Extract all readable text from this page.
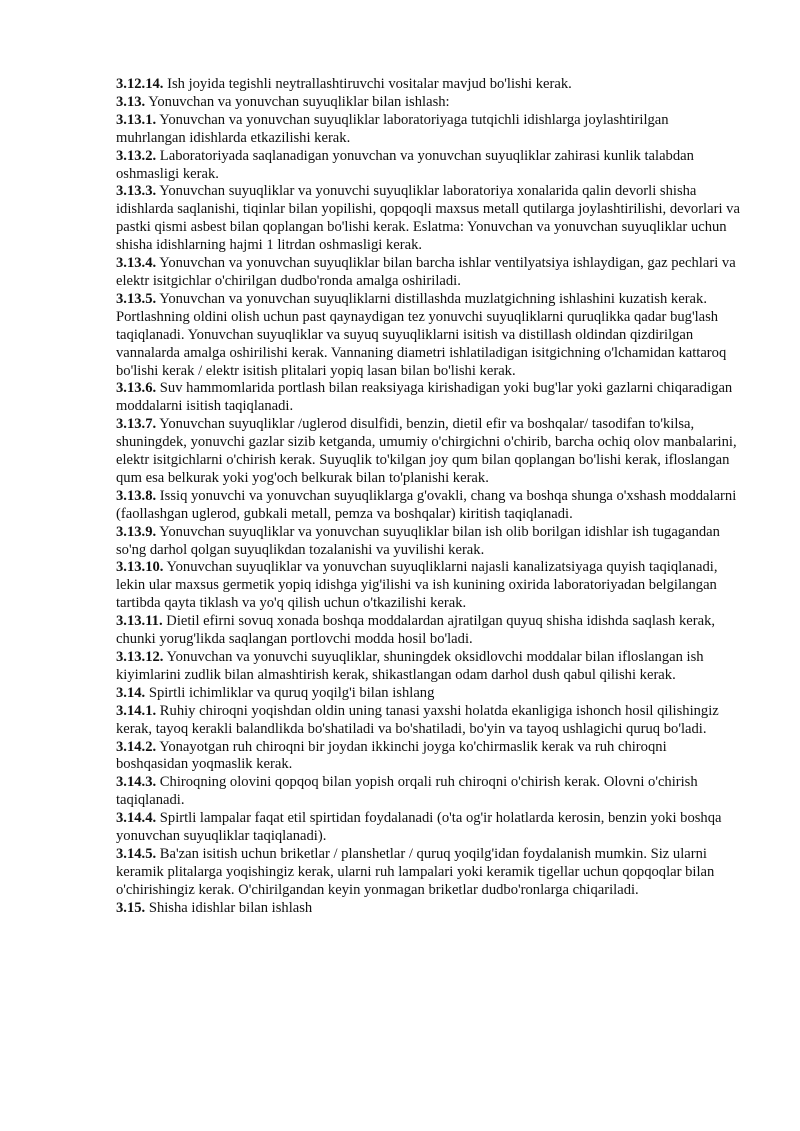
3.12.14. Ish joyida tegishli neytrallashtiruvchi vositalar mavjud bo'lishi kerak.

3.13. Yonuvchan va yonuvchan suyuqliklar bilan ishlash:

3.13.1. Yonuvchan va yonuvchan suyuqliklar laboratoriyaga tutqichli idishlarga joylashtirilgan muhrlangan idishlarda etkazilishi kerak.

3.13.2. Laboratoriyada saqlanadigan yonuvchan va yonuvchan suyuqliklar zahirasi kunlik talabdan oshmasligi kerak.

3.13.3. Yonuvchan suyuqliklar va yonuvchi suyuqliklar laboratoriya xonalarida qalin devorli shisha idishlarda saqlanishi, tiqinlar bilan yopilishi, qopqoqli maxsus metall qutilarga joylashtirilishi, devorlari va pastki qismi asbest bilan qoplangan bo'lishi kerak. Eslatma: Yonuvchan va yonuvchan suyuqliklar uchun shisha idishlarning hajmi 1 litrdan oshmasligi kerak.

3.13.4. Yonuvchan va yonuvchan suyuqliklar bilan barcha ishlar ventilyatsiya ishlaydigan, gaz pechlari va elektr isitgichlar o'chirilgan dudbo'ronda amalga oshiriladi.

3.13.5. Yonuvchan va yonuvchan suyuqliklarni distillashda muzlatgichning ishlashini kuzatish kerak. Portlashning oldini olish uchun past qaynaydigan tez yonuvchi suyuqliklarni quruqlikka qadar bug'lash taqiqlanadi. Yonuvchan suyuqliklar va suyuq suyuqliklarni isitish va distillash oldindan qizdirilgan vannalarda amalga oshirilishi kerak. Vannaning diametri ishlatiladigan isitgichning o'lchamidan kattaroq bo'lishi kerak / elektr isitish plitalari yopiq lasan bilan bo'lishi kerak.

3.13.6. Suv hammomlarida portlash bilan reaksiyaga kirishadigan yoki bug'lar yoki gazlarni chiqaradigan moddalarni isitish taqiqlanadi.

3.13.7. Yonuvchan suyuqliklar /uglerod disulfidi, benzin, dietil efir va boshqalar/ tasodifan to'kilsa, shuningdek, yonuvchi gazlar sizib ketganda, umumiy o'chirgichni o'chirib, barcha ochiq olov manbalarini, elektr isitgichlarni o'chirish kerak. Suyuqlik to'kilgan joy qum bilan qoplangan bo'lishi kerak, ifloslangan qum esa belkurak yoki yog'och belkurak bilan to'planishi kerak.

3.13.8. Issiq yonuvchi va yonuvchan suyuqliklarga g'ovakli, chang va boshqa shunga o'xshash moddalarni (faollashgan uglerod, gubkali metall, pemza va boshqalar) kiritish taqiqlanadi.

3.13.9. Yonuvchan suyuqliklar va yonuvchan suyuqliklar bilan ish olib borilgan idishlar ish tugagandan so'ng darhol qolgan suyuqlikdan tozalanishi va yuvilishi kerak.

3.13.10. Yonuvchan suyuqliklar va yonuvchan suyuqliklarni najasli kanalizatsiyaga quyish taqiqlanadi, lekin ular maxsus germetik yopiq idishga yig'ilishi va ish kunining oxirida laboratoriyadan belgilangan tartibda qayta tiklash va yo'q qilish uchun o'tkazilishi kerak.

3.13.11. Dietil efirni sovuq xonada boshqa moddalardan ajratilgan quyuq shisha idishda saqlash kerak, chunki yorug'likda saqlangan portlovchi modda hosil bo'ladi.

3.13.12. Yonuvchan va yonuvchi suyuqliklar, shuningdek oksidlovchi moddalar bilan ifloslangan ish kiyimlarini zudlik bilan almashtirish kerak, shikastlangan odam darhol dush qabul qilishi kerak.

3.14. Spirtli ichimliklar va quruq yoqilg'i bilan ishlang

3.14.1. Ruhiy chiroqni yoqishdan oldin uning tanasi yaxshi holatda ekanligiga ishonch hosil qilishingiz kerak, tayoq kerakli balandlikda bo'shatiladi va bo'shatiladi, bo'yin va tayoq ushlagichi quruq bo'ladi.

3.14.2. Yonayotgan ruh chiroqni bir joydan ikkinchi joyga ko'chirmaslik kerak va ruh chiroqni boshqasidan yoqmaslik kerak.

3.14.3. Chiroqning olovini qopqoq bilan yopish orqali ruh chiroqni o'chirish kerak. Olovni o'chirish taqiqlanadi.

3.14.4. Spirtli lampalar faqat etil spirtidan foydalanadi (o'ta og'ir holatlarda kerosin, benzin yoki boshqa yonuvchan suyuqliklar taqiqlanadi).

3.14.5. Ba'zan isitish uchun briketlar / planshetlar / quruq yoqilg'idan foydalanish mumkin. Siz ularni keramik plitalarga yoqishingiz kerak, ularni ruh lampalari yoki keramik tigellar uchun qopqoqlar bilan o'chirishingiz kerak. O'chirilgandan keyin yonmagan briketlar dudbo'ronlarga chiqariladi.

3.15. Shisha idishlar bilan ishlash
